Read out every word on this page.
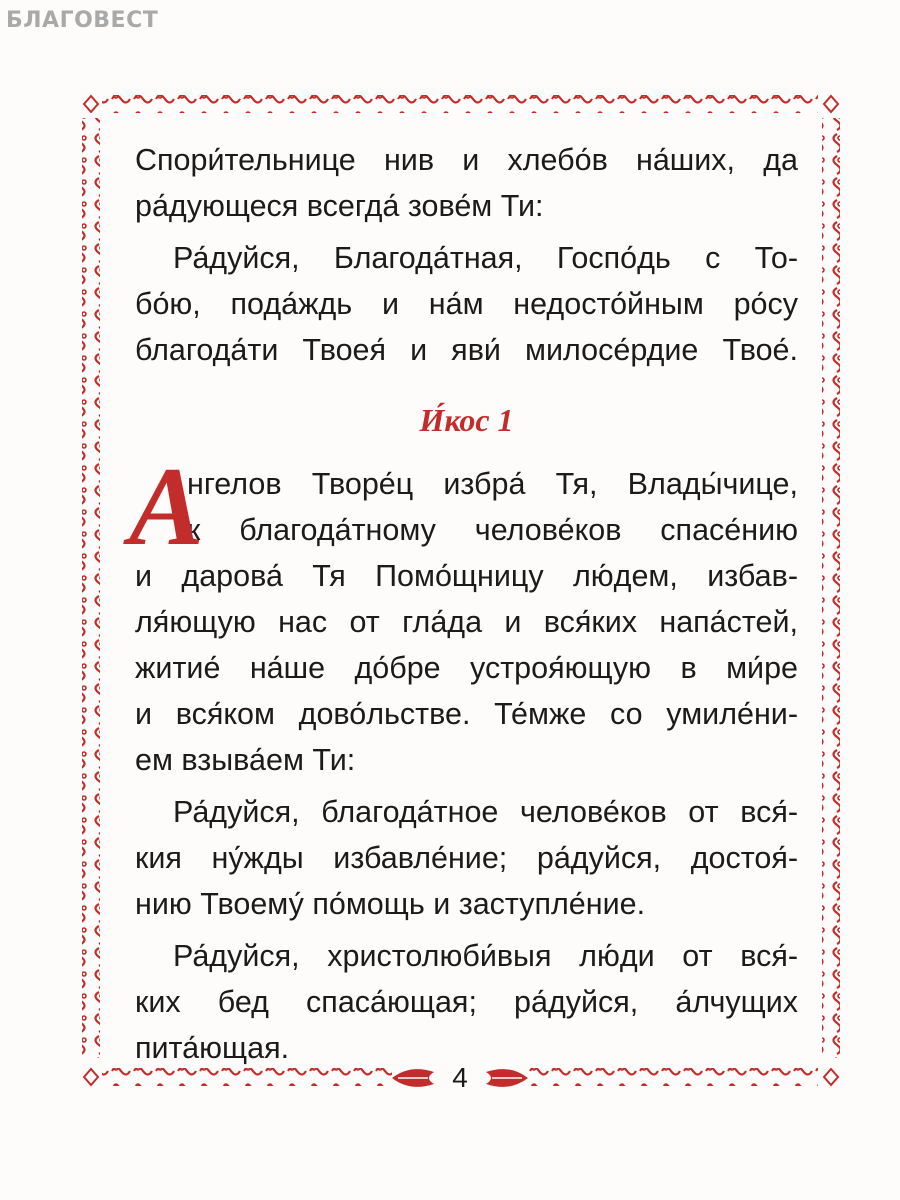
БЛАГОВЕСТ
Спори́тельнице нив и хлебо́в на́ших, да
ра́дующеся всегда́ зове́м Ти:
Ра́дуйся, Благода́тная, Госпо́дь с То-
бо́ю, пода́ждь и на́м недосто́йным ро́су
благода́ти Твоея́ и яви́ милосе́рдие Твое́.
И́кос 1
А
нгелов Творе́ц избра́ Тя, Влады́чице,
к благода́тному челове́ков спасе́нию
и дарова́ Тя Помо́щницу лю́дем, избав-
ля́ющую нас от гла́да и вся́ких напа́стей,
житие́ на́ше до́бре устроя́ющую в ми́ре
и вся́ком дово́льстве. Те́мже со умиле́ни-
ем взыва́ем Ти:
Ра́дуйся, благода́тное челове́ков от вся́-
кия ну́жды избавле́ние; ра́дуйся, достоя́-
нию Твоему́ по́мощь и заступле́ние.
Ра́дуйся, христолюби́выя лю́ди от вся́-
ких бед спаса́ющая; ра́дуйся, а́лчущих
пита́ющая.
4
